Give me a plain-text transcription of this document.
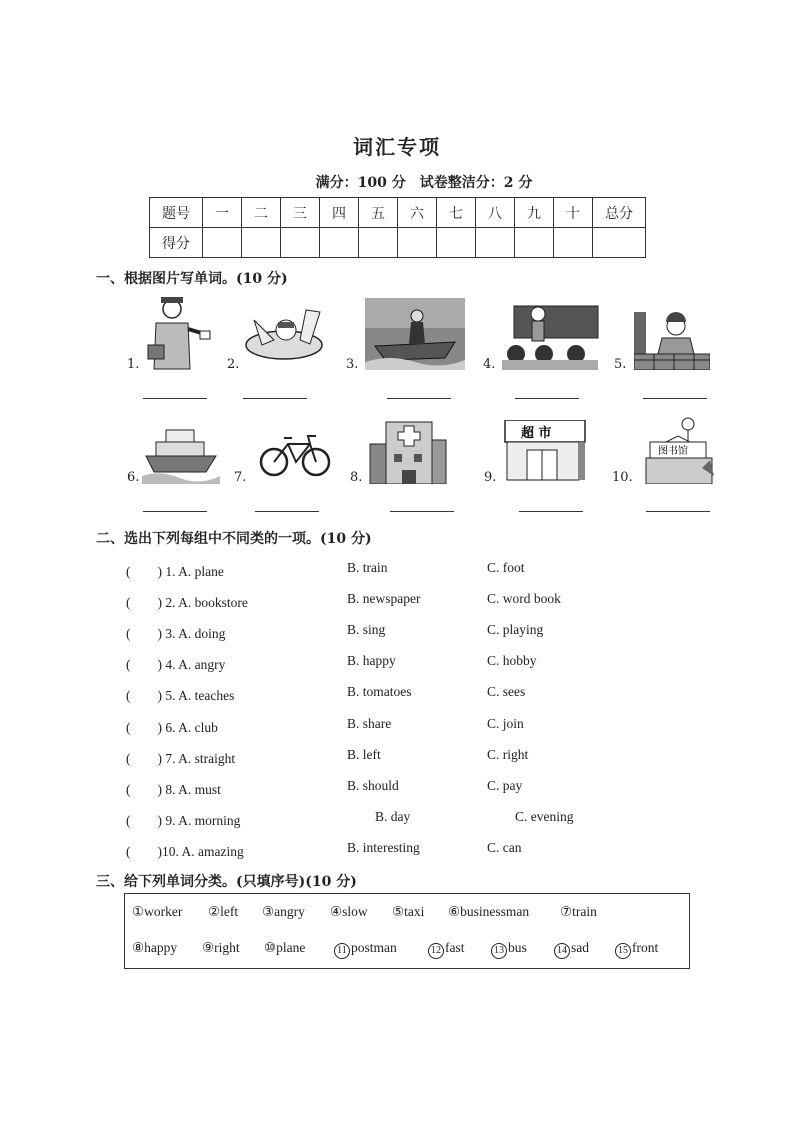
词汇专项
满分：100 分　试卷整洁分：2 分
题号	一	二	三	四	五	六	七	八	九	十	总分
得分											
一、根据图片写单词。(10 分)
1.	2.	3.	4.	5.
6.	7.	8.	9.
超 市
10.
图书馆
二、选出下列每组中不同类的一项。(10 分)
(　　) 1. A. plane	B. train	C. foot
(　　) 2. A. bookstore	B. newspaper	C. word book
(　　) 3. A. doing	B. sing	C. playing
(　　) 4. A. angry	B. happy	C. hobby
(　　) 5. A. teaches	B. tomatoes	C. sees
(　　) 6. A. club	B. share	C. join
(　　) 7. A. straight	B. left	C. right
(　　) 8. A. must	B. should	C. pay
(　　) 9. A. morning	B. day	C. evening
(　　)10. A. amazing	B. interesting	C. can
三、给下列单词分类。(只填序号)(10 分)
①worker ②left ③angry ④slow ⑤taxi ⑥businessman ⑦train
⑧happy ⑨right ⑩plane	11 postman	12 fast	13 bus	14 sad	15 front
